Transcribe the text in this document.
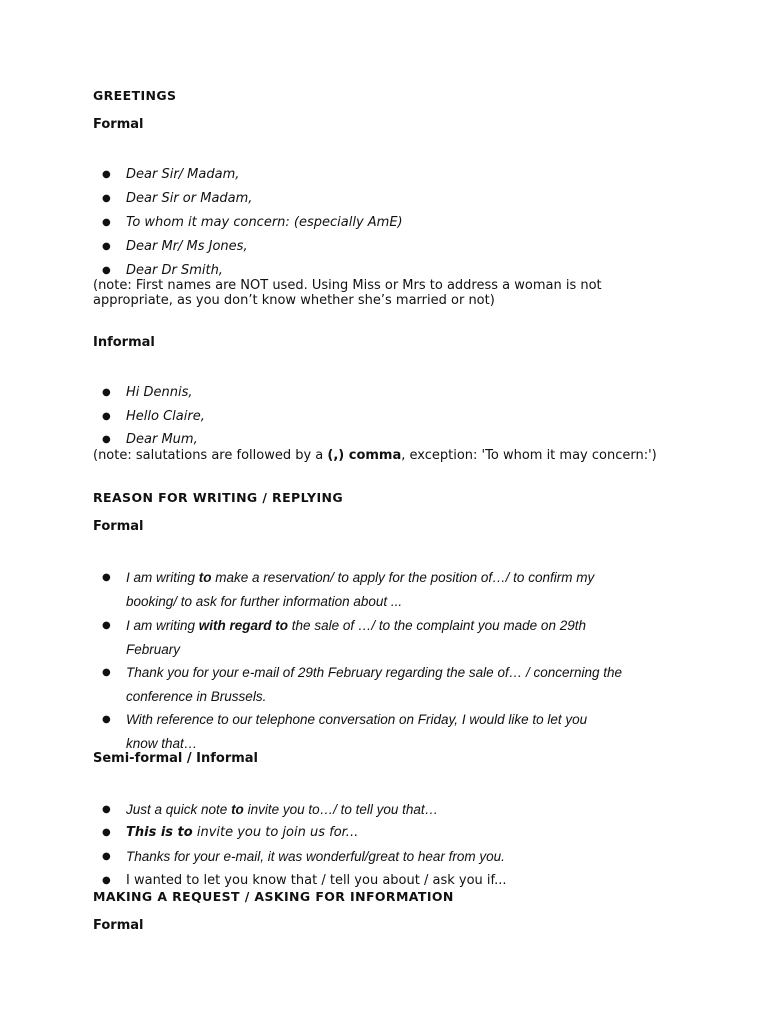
GREETINGS
Formal
● Dear Sir/ Madam,
● Dear Sir or Madam,
● To whom it may concern: (especially AmE)
● Dear Mr/ Ms Jones,
● Dear Dr Smith,
(note: First names are NOT used. Using Miss or Mrs to address a woman is not
appropriate, as you don’t know whether she’s married or not)
Informal
● Hi Dennis,
● Hello Claire,
● Dear Mum,
(note: salutations are followed by a (,) comma, exception: 'To whom it may concern:')
REASON FOR WRITING / REPLYING
Formal
● I am writing to make a reservation/ to apply for the position of…/ to confirm my
booking/ to ask for further information about ...
● I am writing with regard to the sale of …/ to the complaint you made on 29th
February
● Thank you for your e-mail of 29th February regarding the sale of… / concerning the
conference in Brussels.
● With reference to our telephone conversation on Friday, I would like to let you
know that…
Semi-formal / Informal
● Just a quick note to invite you to…/ to tell you that…
● This is to invite you to join us for...
● Thanks for your e-mail, it was wonderful/great to hear from you.
● I wanted to let you know that / tell you about / ask you if...
MAKING A REQUEST / ASKING FOR INFORMATION
Formal
